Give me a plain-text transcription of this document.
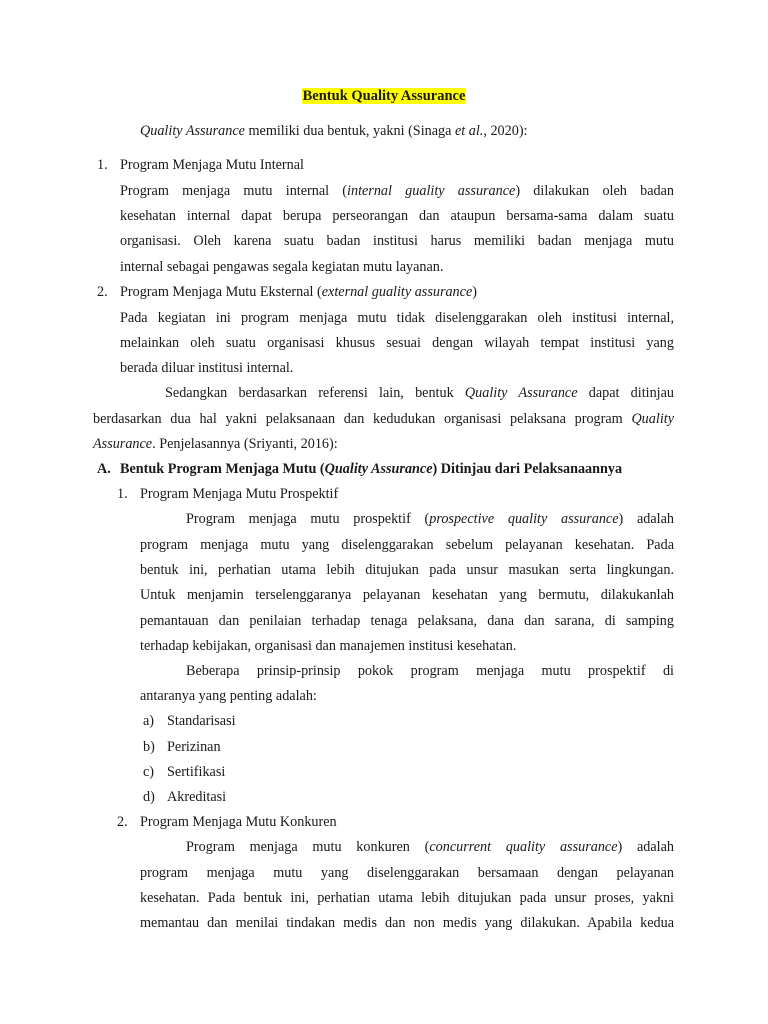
Bentuk Quality Assurance
Quality Assurance memiliki dua bentuk, yakni (Sinaga et al., 2020):
1. Program Menjaga Mutu Internal
Program menjaga mutu internal (internal guality assurance) dilakukan oleh badan
kesehatan internal dapat berupa perseorangan dan ataupun bersama-sama dalam suatu
organisasi. Oleh karena suatu badan institusi harus memiliki badan menjaga mutu
internal sebagai pengawas segala kegiatan mutu layanan.
2. Program Menjaga Mutu Eksternal (external guality assurance)
Pada kegiatan ini program menjaga mutu tidak diselenggarakan oleh institusi internal,
melainkan oleh suatu organisasi khusus sesuai dengan wilayah tempat institusi yang
berada diluar institusi internal.
Sedangkan berdasarkan referensi lain, bentuk Quality Assurance dapat ditinjau
berdasarkan dua hal yakni pelaksanaan dan kedudukan organisasi pelaksana program Quality
Assurance. Penjelasannya (Sriyanti, 2016):
A. Bentuk Program Menjaga Mutu (Quality Assurance) Ditinjau dari Pelaksanaannya
1. Program Menjaga Mutu Prospektif
Program menjaga mutu prospektif (prospective quality assurance) adalah
program menjaga mutu yang diselenggarakan sebelum pelayanan kesehatan. Pada
bentuk ini, perhatian utama lebih ditujukan pada unsur masukan serta lingkungan.
Untuk menjamin terselenggaranya pelayanan kesehatan yang bermutu, dilakukanlah
pemantauan dan penilaian terhadap tenaga pelaksana, dana dan sarana, di samping
terhadap kebijakan, organisasi dan manajemen institusi kesehatan.
Beberapa prinsip-prinsip pokok program menjaga mutu prospektif di
antaranya yang penting adalah:
a) Standarisasi
b) Perizinan
c) Sertifikasi
d) Akreditasi
2. Program Menjaga Mutu Konkuren
Program menjaga mutu konkuren (concurrent quality assurance) adalah
program menjaga mutu yang diselenggarakan bersamaan dengan pelayanan
kesehatan. Pada bentuk ini, perhatian utama lebih ditujukan pada unsur proses, yakni
memantau dan menilai tindakan medis dan non medis yang dilakukan. Apabila kedua
